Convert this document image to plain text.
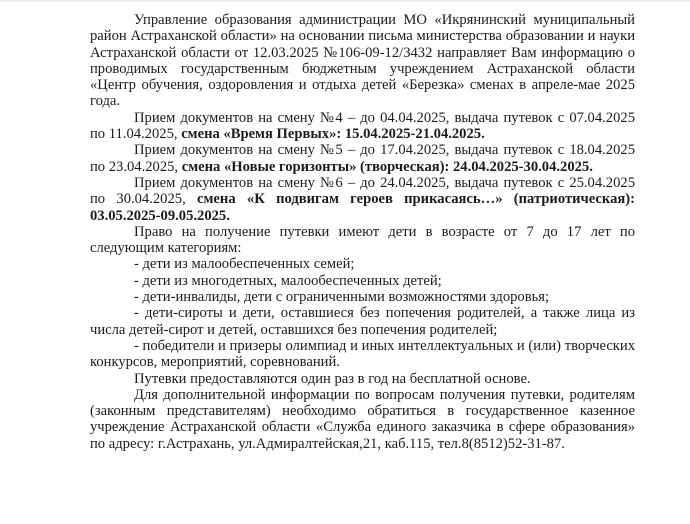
Управление образования администрации МО «Икрянинский муниципальный район Астраханской области» на основании письма министерства образовании и науки Астраханской области от 12.03.2025 №106-09-12/3432 направляет Вам информацию о проводимых государственным бюджетным учреждением Астраханской области «Центр обучения, оздоровления и отдыха детей «Березка» сменах в апреле-мае 2025 года.

Прием документов на смену №4 – до 04.04.2025, выдача путевок с 07.04.2025 по 11.04.2025, смена «Время Первых»: 15.04.2025-21.04.2025.

Прием документов на смену №5 – до 17.04.2025, выдача путевок с 18.04.2025 по 23.04.2025, смена «Новые горизонты» (творческая): 24.04.2025-30.04.2025.

Прием документов на смену №6 – до 24.04.2025, выдача путевок с 25.04.2025 по 30.04.2025, смена «К подвигам героев прикасаясь…» (патриотическая): 03.05.2025-09.05.2025.

Право на получение путевки имеют дети в возрасте от 7 до 17 лет по следующим категориям:

- дети из малообеспеченных семей;

- дети из многодетных, малообеспеченных детей;

- дети-инвалиды, дети с ограниченными возможностями здоровья;

- дети-сироты и дети, оставшиеся без попечения родителей, а также лица из числа детей-сирот и детей, оставшихся без попечения родителей;

- победители и призеры олимпиад и иных интеллектуальных и (или) творческих конкурсов, мероприятий, соревнований.

Путевки предоставляются один раз в год на бесплатной основе.

Для дополнительной информации по вопросам получения путевки, родителям (законным представителям) необходимо обратиться в государственное казенное учреждение Астраханской области «Служба единого заказчика в сфере образования» по адресу: г.Астрахань, ул.Адмиралтейская,21, каб.115, тел.8(8512)52-31-87.
